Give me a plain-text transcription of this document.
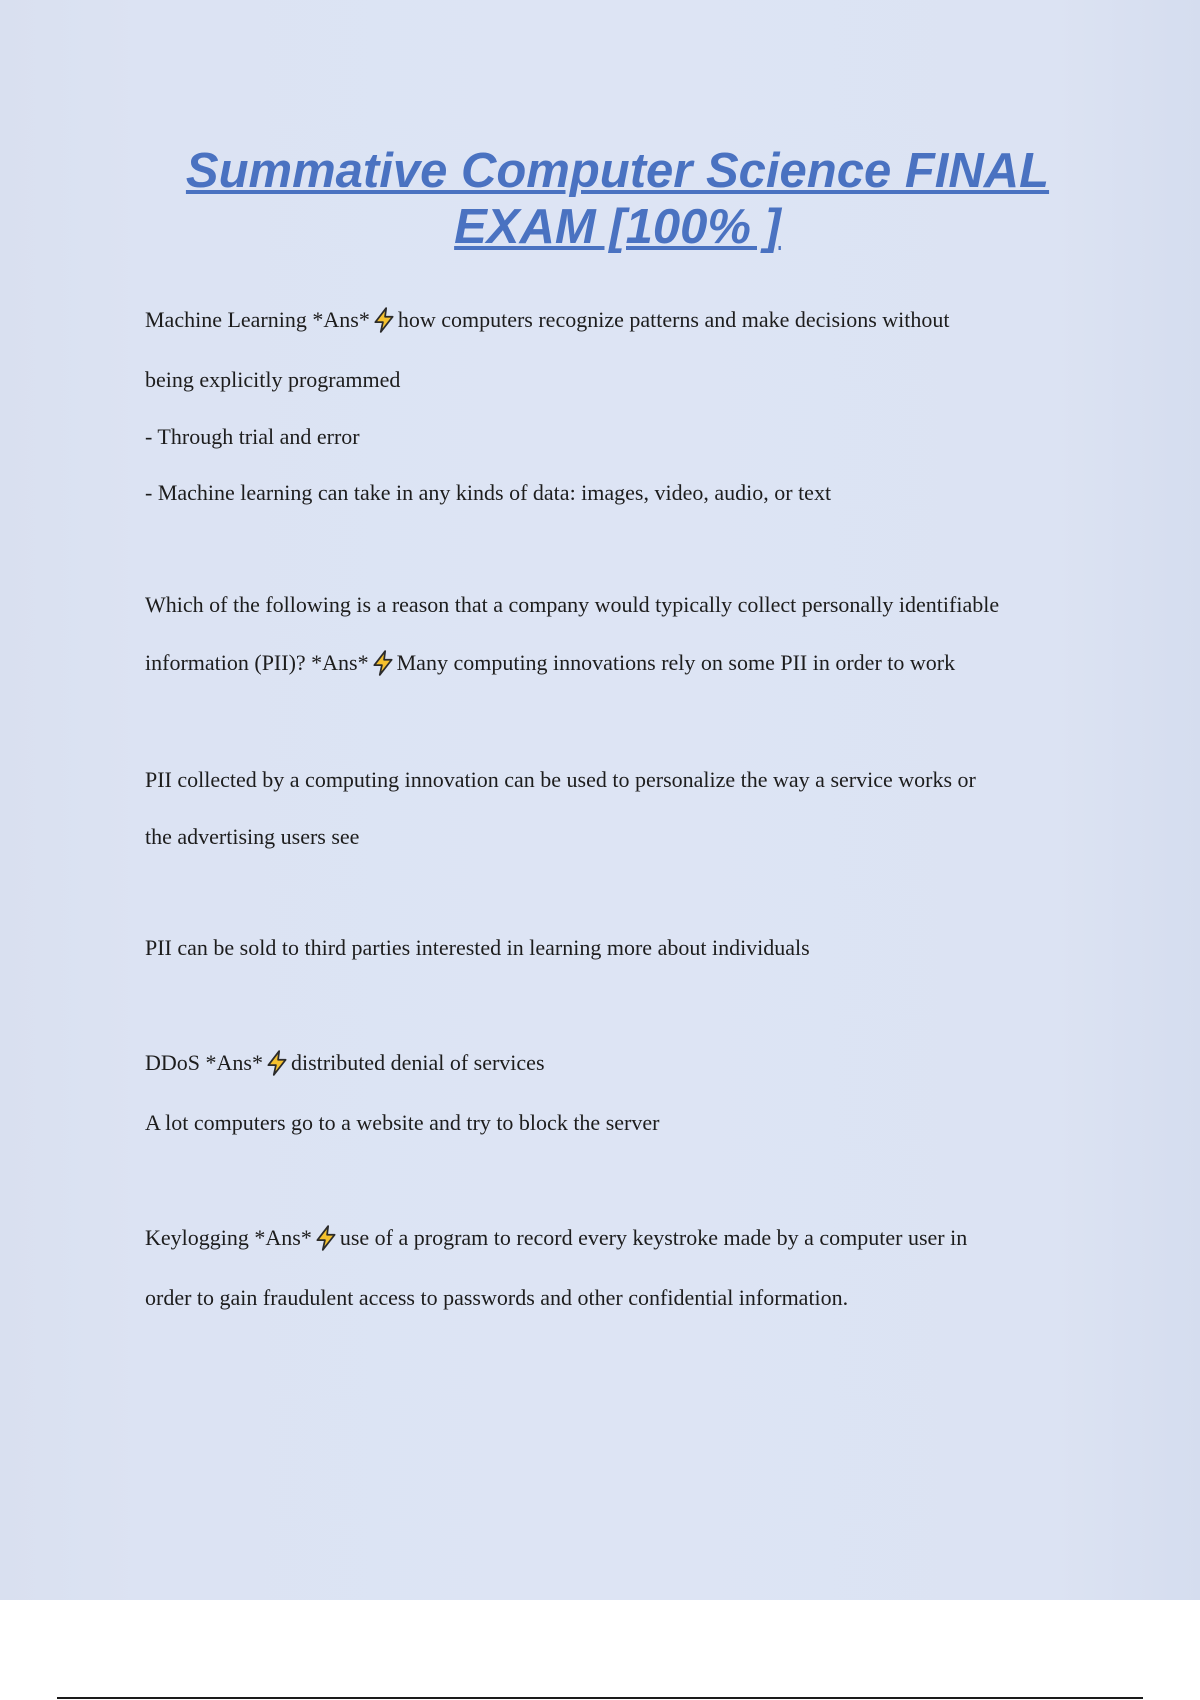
Summative Computer Science FINAL EXAM [100% ]
Machine Learning *Ans* how computers recognize patterns and make decisions without
being explicitly programmed
- Through trial and error
- Machine learning can take in any kinds of data: images, video, audio, or text
Which of the following is a reason that a company would typically collect personally identifiable
information (PII)? *Ans* Many computing innovations rely on some PII in order to work
PII collected by a computing innovation can be used to personalize the way a service works or
the advertising users see
PII can be sold to third parties interested in learning more about individuals
DDoS *Ans* distributed denial of services
A lot computers go to a website and try to block the server
Keylogging *Ans* use of a program to record every keystroke made by a computer user in
order to gain fraudulent access to passwords and other confidential information.
